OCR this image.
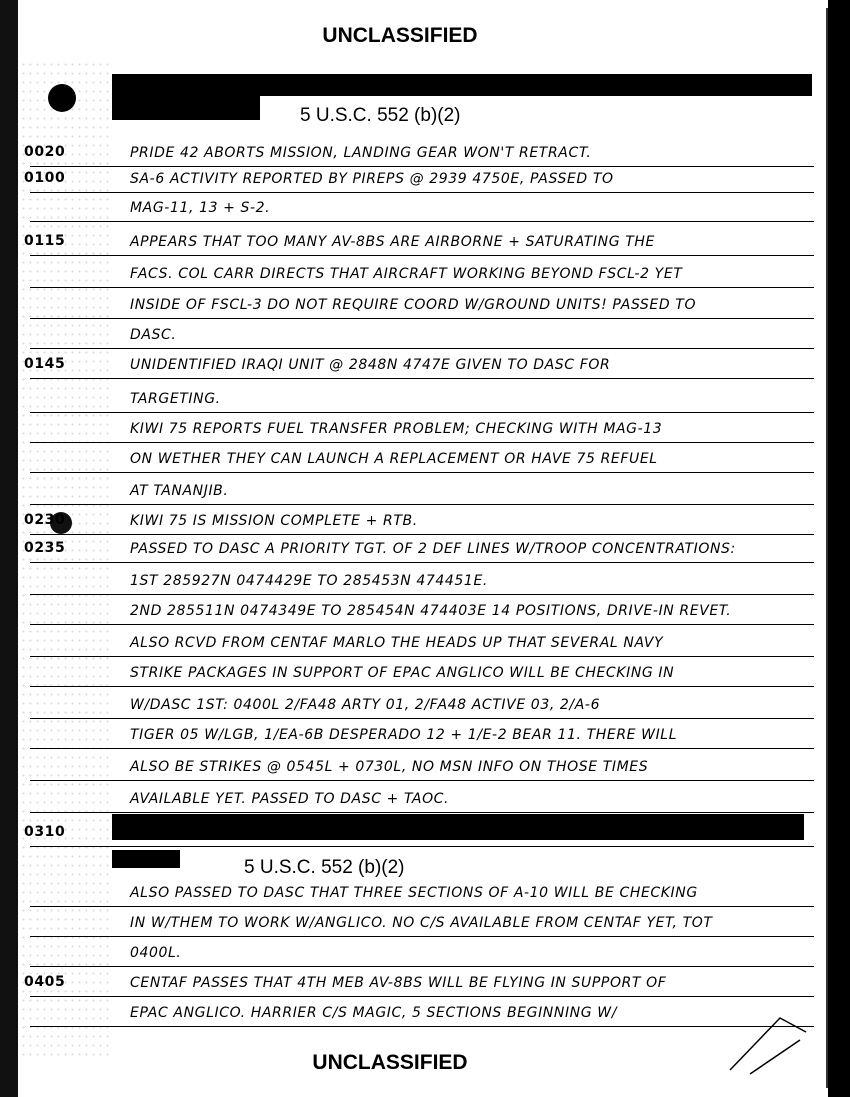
UNCLASSIFIED
5 U.S.C. 552 (b)(2)
0020	PRIDE 42 ABORTS MISSION, LANDING GEAR WON'T RETRACT.
0100	SA-6 ACTIVITY REPORTED BY PIREPS @ 2939 4750E, PASSED TO
MAG-11, 13 + S-2.
0115	APPEARS THAT TOO MANY AV-8BS ARE AIRBORNE + SATURATING THE
FACS. COL CARR DIRECTS THAT AIRCRAFT WORKING BEYOND FSCL-2 YET
INSIDE OF FSCL-3 DO NOT REQUIRE COORD W/GROUND UNITS! PASSED TO
DASC.
0145	UNIDENTIFIED IRAQI UNIT @ 2848N 4747E GIVEN TO DASC FOR
TARGETING.
KIWI 75 REPORTS FUEL TRANSFER PROBLEM; CHECKING WITH MAG-13
ON WETHER THEY CAN LAUNCH A REPLACEMENT OR HAVE 75 REFUEL
AT TANANJIB.
0230	KIWI 75 IS MISSION COMPLETE + RTB.
0235	PASSED TO DASC A PRIORITY TGT. OF 2 DEF LINES W/TROOP CONCENTRATIONS:
1ST 285927N 0474429E TO 285453N 474451E.
2ND 285511N 0474349E TO 285454N 474403E 14 POSITIONS, DRIVE-IN REVET.
ALSO RCVD FROM CENTAF MARLO THE HEADS UP THAT SEVERAL NAVY
STRIKE PACKAGES IN SUPPORT OF EPAC ANGLICO WILL BE CHECKING IN
W/DASC 1ST: 0400L 2/FA48 ARTY 01, 2/FA48 ACTIVE 03, 2/A-6
TIGER 05 W/LGB, 1/EA-6B DESPERADO 12 + 1/E-2 BEAR 11. THERE WILL
ALSO BE STRIKES @ 0545L + 0730L, NO MSN INFO ON THOSE TIMES
AVAILABLE YET. PASSED TO DASC + TAOC.
0310
ALSO PASSED TO DASC THAT THREE SECTIONS OF A-10 WILL BE CHECKING
IN W/THEM TO WORK W/ANGLICO. NO C/S AVAILABLE FROM CENTAF YET, TOT
0400L.
0405	CENTAF PASSES THAT 4TH MEB AV-8BS WILL BE FLYING IN SUPPORT OF
EPAC ANGLICO. HARRIER C/S MAGIC, 5 SECTIONS BEGINNING W/
5 U.S.C. 552 (b)(2)
UNCLASSIFIED
